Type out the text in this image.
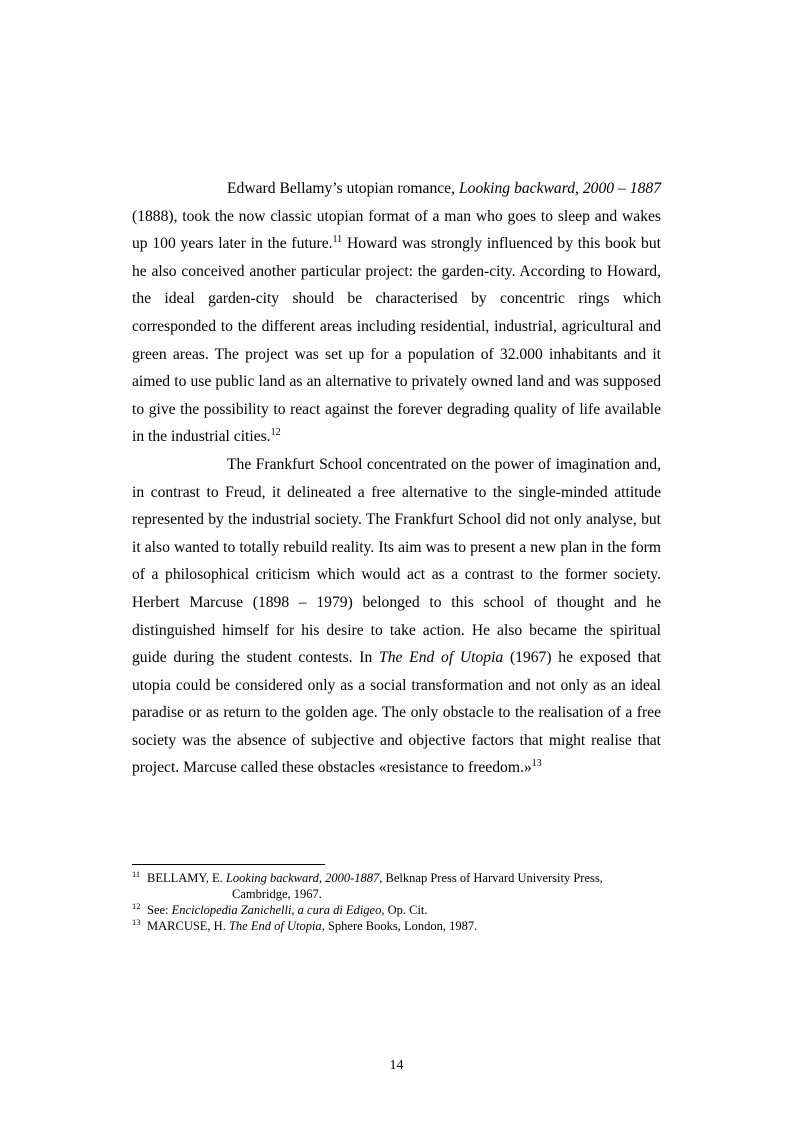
Edward Bellamy’s utopian romance, Looking backward, 2000 – 1887 (1888), took the now classic utopian format of a man who goes to sleep and wakes up 100 years later in the future.$^{11}$ Howard was strongly influenced by this book but he also conceived another particular project: the garden-city. According to Howard, the ideal garden-city should be characterised by concentric rings which corresponded to the different areas including residential, industrial, agricultural and green areas. The project was set up for a population of 32.000 inhabitants and it aimed to use public land as an alternative to privately owned land and was supposed to give the possibility to react against the forever degrading quality of life available in the industrial cities.$^{12}$

The Frankfurt School concentrated on the power of imagination and, in contrast to Freud, it delineated a free alternative to the single-minded attitude represented by the industrial society. The Frankfurt School did not only analyse, but it also wanted to totally rebuild reality. Its aim was to present a new plan in the form of a philosophical criticism which would act as a contrast to the former society. Herbert Marcuse (1898 – 1979) belonged to this school of thought and he distinguished himself for his desire to take action. He also became the spiritual guide during the student contests. In The End of Utopia (1967) he exposed that utopia could be considered only as a social transformation and not only as an ideal paradise or as return to the golden age. The only obstacle to the realisation of a free society was the absence of subjective and objective factors that might realise that project. Marcuse called these obstacles «resistance to freedom.»$^{13}$

11 BELLAMY, E. Looking backward, 2000-1887, Belknap Press of Harvard University Press,
Cambridge, 1967.
12 See: Enciclopedia Zanichelli, a cura di Edigeo, Op. Cit.
13 MARCUSE, H. The End of Utopia, Sphere Books, London, 1987.
14
